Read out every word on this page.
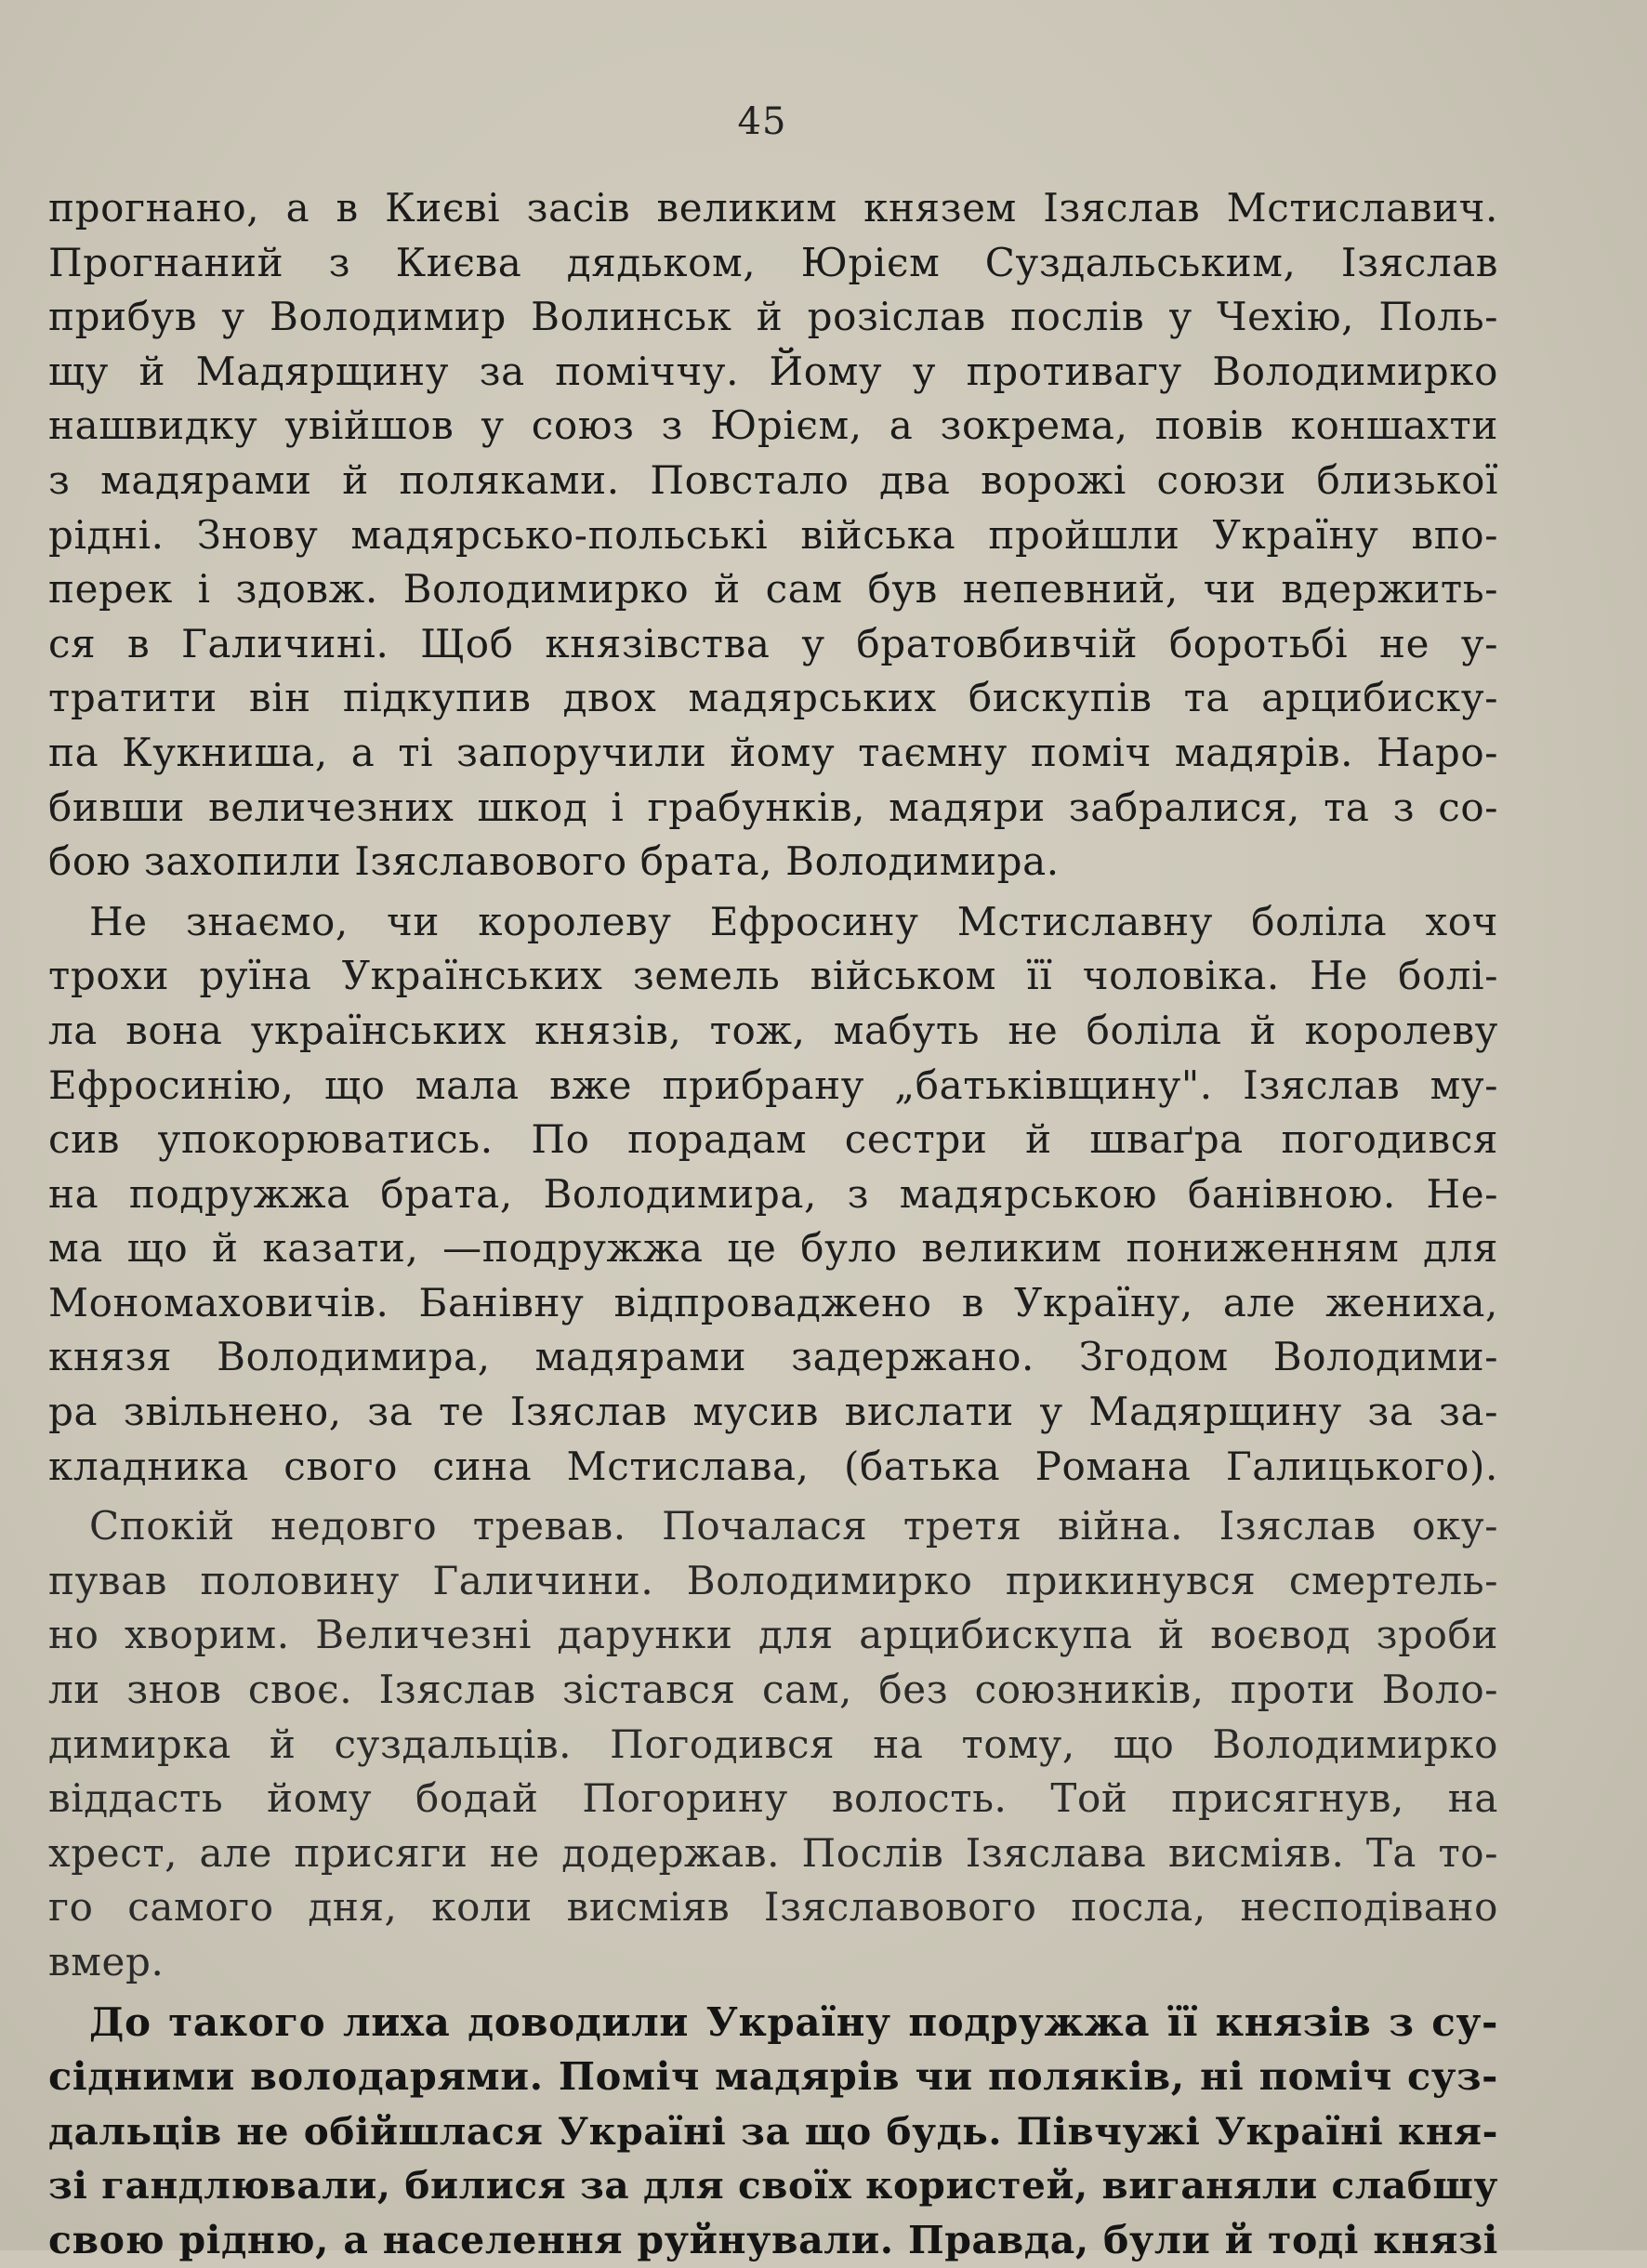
45
прогнано, а в Києві засів великим князем Ізяслав Мстиславич.
Прогнаний з Києва дядьком, Юрієм Суздальським, Ізяслав
прибув у Володимир Волинськ й розіслав послів у Чехію, Поль-
щу й Мадярщину за поміччу. Йому у противагу Володимирко
нашвидку увійшов у союз з Юрієм, а зокрема, повів коншахти
з мадярами й поляками. Повстало два ворожі союзи близької
рідні. Знову мадярсько-польські війська пройшли Україну впо-
перек і здовж. Володимирко й сам був непевний, чи вдержить-
ся в Галичині. Щоб князівства у братовбивчій боротьбі не у-
тратити він підкупив двох мадярських бискупів та арцибиску-
па Кукниша, а ті запоручили йому таємну поміч мадярів. Наро-
бивши величезних шкод і грабунків, мадяри забралися, та з со-
бою захопили Ізяславового брата, Володимира.
Не знаємо, чи королеву Ефросину Мстиславну боліла хоч
трохи руїна Українських земель військом її чоловіка. Не болі-
ла вона українських князів, тож, мабуть не боліла й королеву
Ефросинію, що мала вже прибрану „батьківщину". Ізяслав му-
сив упокорюватись. По порадам сестри й шваґра погодився
на подружжа брата, Володимира, з мадярською банівною. Не-
ма що й казати, —подружжа це було великим пониженням для
Мономаховичів. Банівну відпроваджено в Україну, але жениха,
князя Володимира, мадярами задержано. Згодом Володими-
ра звільнено, за те Ізяслав мусив вислати у Мадярщину за за-
кладника свого сина Мстислава, (батька Романа Галицького).
Спокій недовго тревав. Почалася третя війна. Ізяслав оку-
пував половину Галичини. Володимирко прикинувся смертель-
но хворим. Величезні дарунки для арцибискупа й воєвод зроби
ли знов своє. Ізяслав зістався сам, без союзників, проти Воло-
димирка й суздальців. Погодився на тому, що Володимирко
віддасть йому бодай Погорину волость. Той присягнув, на
хрест, але присяги не додержав. Послів Ізяслава висміяв. Та то-
го самого дня, коли висміяв Ізяславового посла, несподівано
вмер.
До такого лиха доводили Україну подружжа її князів з су-
сідними володарями. Поміч мадярів чи поляків, ні поміч суз-
дальців не обійшлася Україні за що будь. Півчужі Україні кня-
зі гандлювали, билися за для своїх користей, виганяли слабшу
свою рідню, а населення руйнували. Правда, були й тоді князі
